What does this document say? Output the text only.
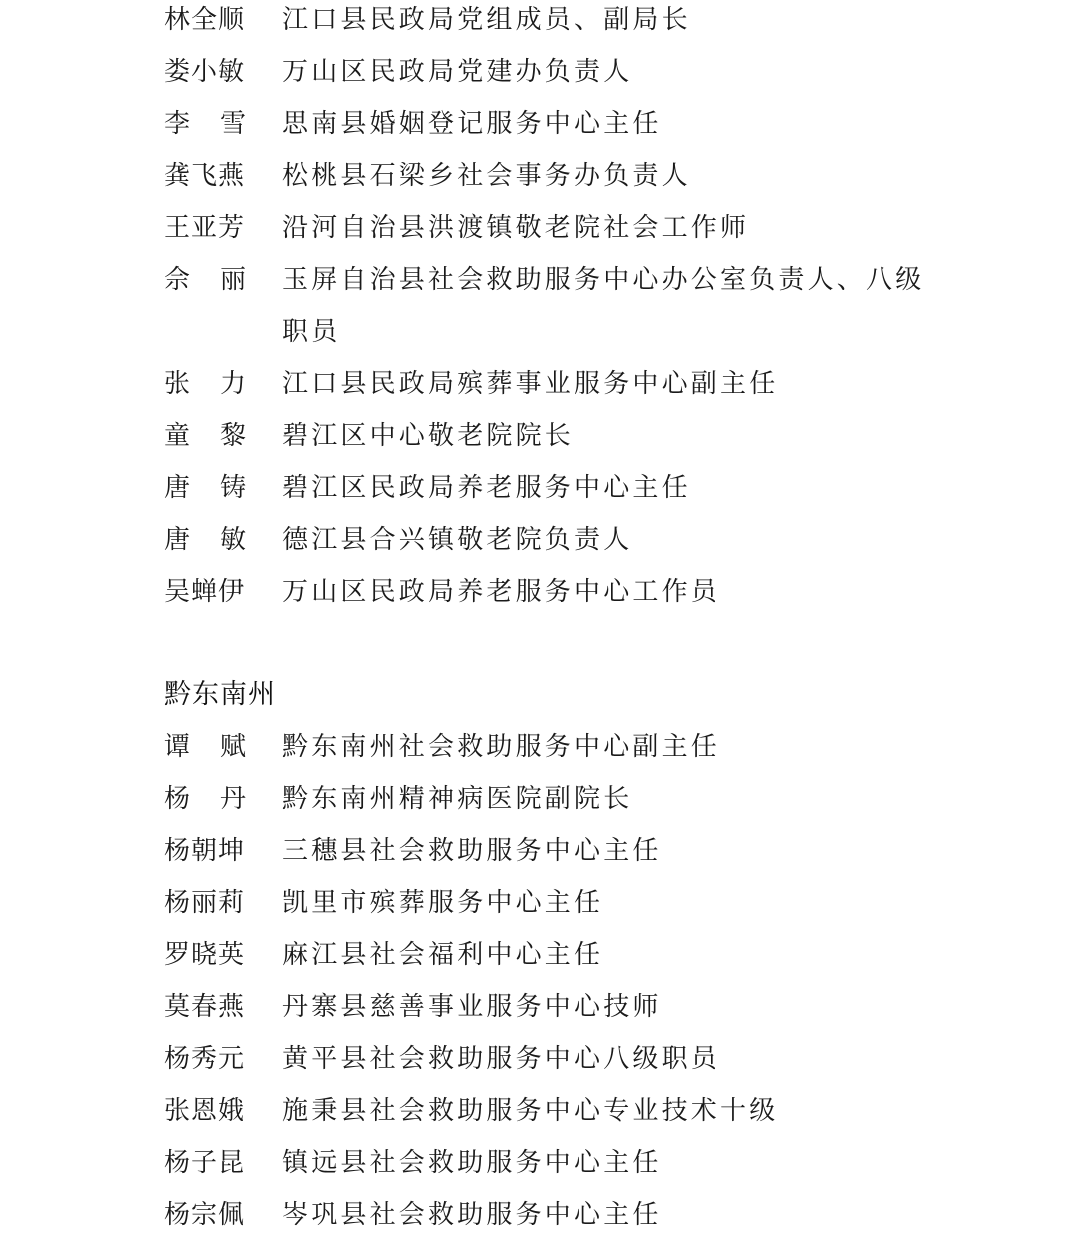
林全顺	江口县民政局党组成员、副局长
娄小敏	万山区民政局党建办负责人
李 雪 思南县婚姻登记服务中心主任
龚飞燕	松桃县石梁乡社会事务办负责人
王亚芳	沿河自治县洪渡镇敬老院社会工作师
佘 丽 玉屏自治县社会救助服务中心办公室负责人、八级
职员
张 力 江口县民政局殡葬事业服务中心副主任
童 黎 碧江区中心敬老院院长
唐 铸 碧江区民政局养老服务中心主任
唐 敏 德江县合兴镇敬老院负责人
吴蝉伊	万山区民政局养老服务中心工作员
黔东南州
谭 赋 黔东南州社会救助服务中心副主任
杨 丹 黔东南州精神病医院副院长
杨朝坤	三穗县社会救助服务中心主任
杨丽莉	凯里市殡葬服务中心主任
罗晓英	麻江县社会福利中心主任
莫春燕	丹寨县慈善事业服务中心技师
杨秀元	黄平县社会救助服务中心八级职员
张恩娥	施秉县社会救助服务中心专业技术十级
杨子昆	镇远县社会救助服务中心主任
杨宗佩	岑巩县社会救助服务中心主任
